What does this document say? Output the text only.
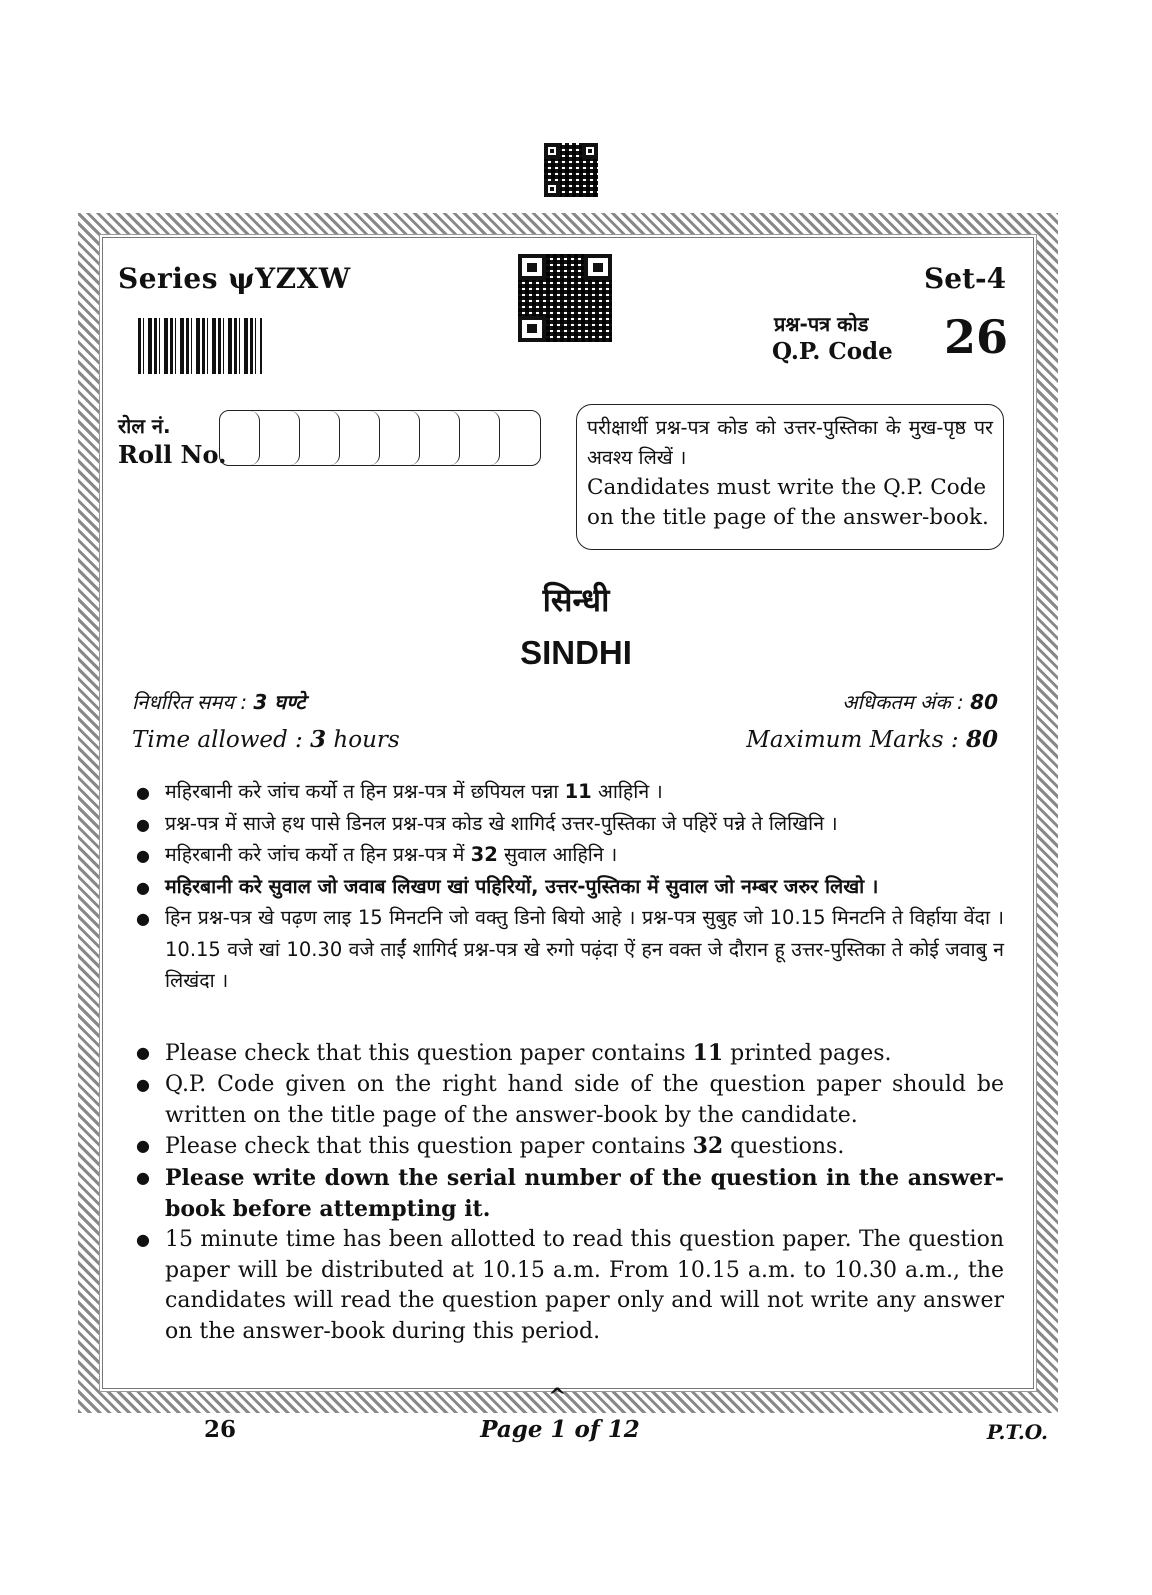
Series ψYZXW	Set-4
प्रश्न-पत्र कोड
Q.P. Code 26
रोल नं.
Roll No.
परीक्षार्थी प्रश्न-पत्र कोड को उत्तर-पुस्तिका के मुख-पृष्ठ पर अवश्य लिखें ।
Candidates must write the Q.P. Code on the title page of the answer-book.
सिन्धी
SINDHI
निर्धारित समय : 3 घण्टे
Time allowed : 3 hours
अधिकतम अंक : 80
Maximum Marks : 80
● महिरबानी करे जांच कर्यो त हिन प्रश्न-पत्र में छपियल पन्ना 11 आहिनि ।
● प्रश्न-पत्र में साजे हथ पासे डिनल प्रश्न-पत्र कोड खे शागिर्द उत्तर-पुस्तिका जे पहिरें पन्ने ते लिखिनि ।
● महिरबानी करे जांच कर्यो त हिन प्रश्न-पत्र में 32 सुवाल आहिनि ।
● महिरबानी करे सुवाल जो जवाब लिखण खां पहिरियों, उत्तर-पुस्तिका में सुवाल जो नम्बर जरुर लिखो ।
● हिन प्रश्न-पत्र खे पढ़ण लाइ 15 मिनटनि जो वक्तु डिनो बियो आहे । प्रश्न-पत्र सुबुह जो 10.15 मिनटनि ते विर्हाया वेंदा । 10.15 वजे खां 10.30 वजे ताईं शागिर्द प्रश्न-पत्र खे रुगो पढ़ंदा ऐं हन वक्त जे दौरान हू उत्तर-पुस्तिका ते कोई जवाबु न लिखंदा ।
● Please check that this question paper contains 11 printed pages.
● Q.P. Code given on the right hand side of the question paper should be written on the title page of the answer-book by the candidate.
● Please check that this question paper contains 32 questions.
● Please write down the serial number of the question in the answer-book before attempting it.
● 15 minute time has been allotted to read this question paper. The question paper will be distributed at 10.15 a.m. From 10.15 a.m. to 10.30 a.m., the candidates will read the question paper only and will not write any answer on the answer-book during this period.
^
26	Page 1 of 12	P.T.O.
